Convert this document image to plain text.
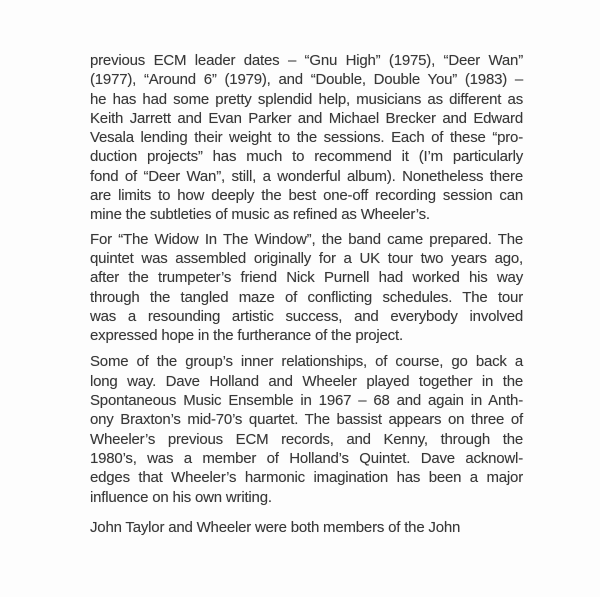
previous ECM leader dates – “Gnu High” (1975), “Deer Wan”
(1977), “Around 6” (1979), and “Double, Double You” (1983) –
he has had some pretty splendid help, musicians as different as
Keith Jarrett and Evan Parker and Michael Brecker and Edward
Vesala lending their weight to the sessions. Each of these “pro-
duction projects” has much to recommend it (I’m particularly
fond of “Deer Wan”, still, a wonderful album). Nonetheless there
are limits to how deeply the best one-off recording session can
mine the subtleties of music as refined as Wheeler’s.
For “The Widow In The Window”, the band came prepared. The
quintet was assembled originally for a UK tour two years ago,
after the trumpeter’s friend Nick Purnell had worked his way
through the tangled maze of conflicting schedules. The tour
was a resounding artistic success, and everybody involved
expressed hope in the furtherance of the project.
Some of the group’s inner relationships, of course, go back a
long way. Dave Holland and Wheeler played together in the
Spontaneous Music Ensemble in 1967 – 68 and again in Anth-
ony Braxton’s mid-70’s quartet. The bassist appears on three of
Wheeler’s previous ECM records, and Kenny, through the
1980’s, was a member of Holland’s Quintet. Dave acknowl-
edges that Wheeler’s harmonic imagination has been a major
influence on his own writing.
John Taylor and Wheeler were both members of the John
